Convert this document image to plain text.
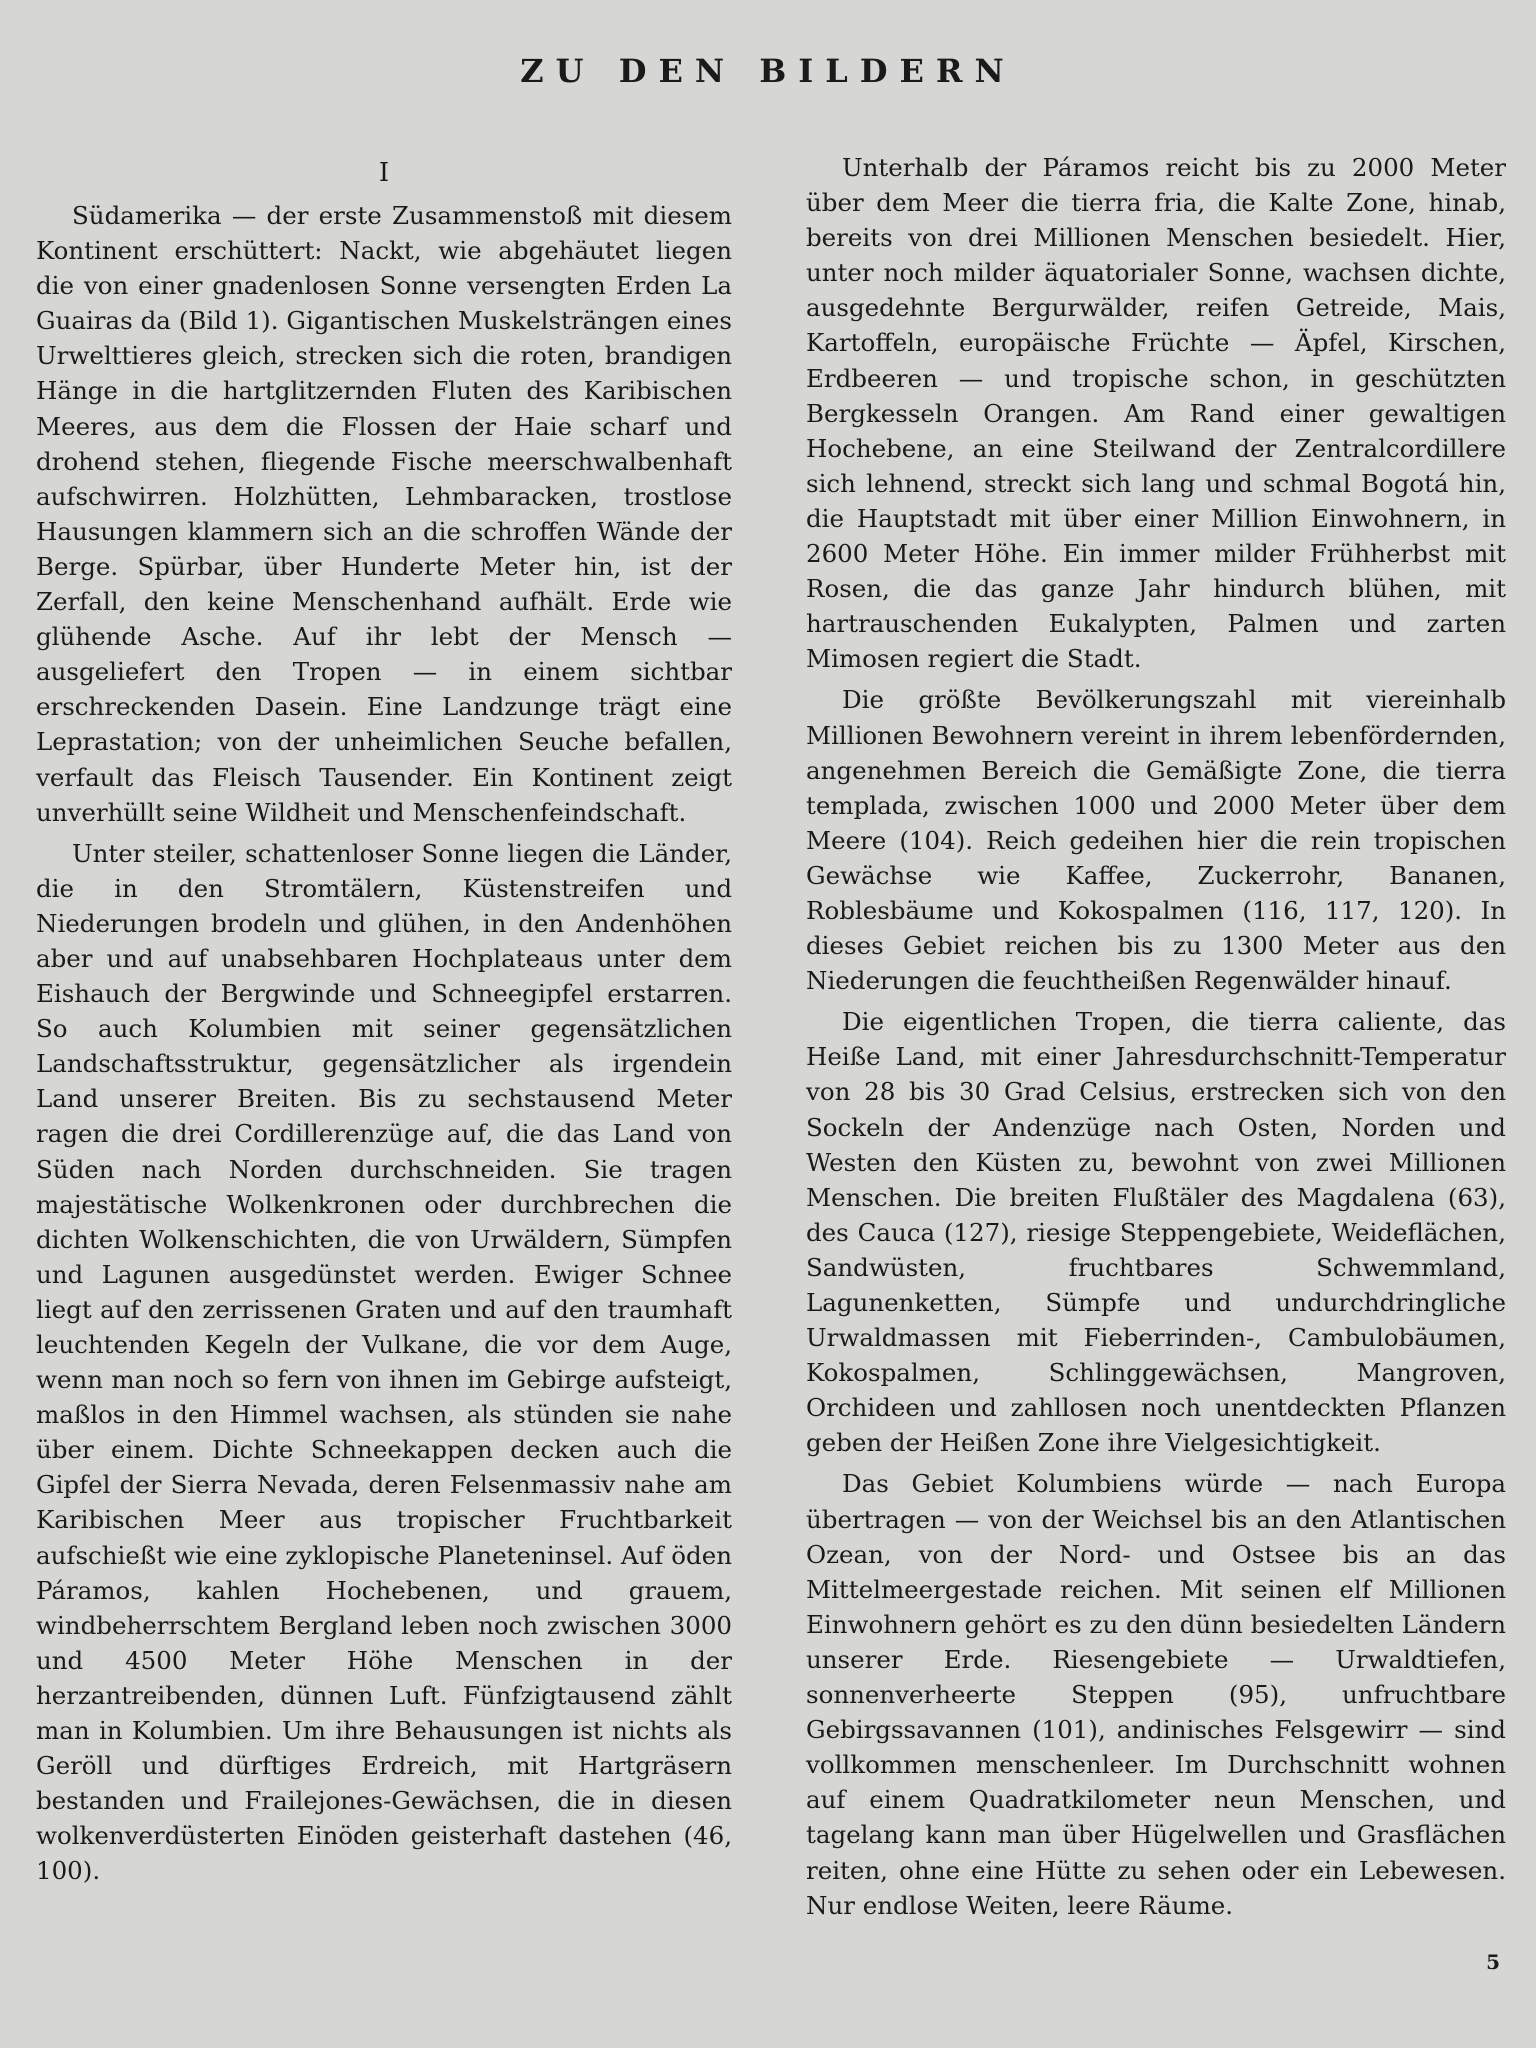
ZU DEN BILDERN
I

Südamerika — der erste Zusammenstoß mit diesem Kontinent erschüttert: Nackt, wie abgehäutet liegen die von einer gnadenlosen Sonne versengten Erden La Guairas da (Bild 1). Gigantischen Muskelsträngen eines Urwelttieres gleich, strecken sich die roten, brandigen Hänge in die hartglitzernden Fluten des Karibischen Meeres, aus dem die Flossen der Haie scharf und drohend stehen, fliegende Fische meerschwalbenhaft aufschwirren. Holzhütten, Lehmbaracken, trostlose Hausungen klammern sich an die schroffen Wände der Berge. Spürbar, über Hunderte Meter hin, ist der Zerfall, den keine Menschenhand aufhält. Erde wie glühende Asche. Auf ihr lebt der Mensch — ausgeliefert den Tropen — in einem sichtbar erschreckenden Dasein. Eine Landzunge trägt eine Leprastation; von der unheimlichen Seuche befallen, verfault das Fleisch Tausender. Ein Kontinent zeigt unverhüllt seine Wildheit und Menschenfeindschaft.

Unter steiler, schattenloser Sonne liegen die Länder, die in den Stromtälern, Küstenstreifen und Niederungen brodeln und glühen, in den Andenhöhen aber und auf unabsehbaren Hochplateaus unter dem Eishauch der Bergwinde und Schneegipfel erstarren. So auch Kolumbien mit seiner gegensätzlichen Landschaftsstruktur, gegensätzlicher als irgendein Land unserer Breiten. Bis zu sechstausend Meter ragen die drei Cordillerenzüge auf, die das Land von Süden nach Norden durchschneiden. Sie tragen majestätische Wolkenkronen oder durchbrechen die dichten Wolkenschichten, die von Urwäldern, Sümpfen und Lagunen ausgedünstet werden. Ewiger Schnee liegt auf den zerrissenen Graten und auf den traumhaft leuchtenden Kegeln der Vulkane, die vor dem Auge, wenn man noch so fern von ihnen im Gebirge aufsteigt, maßlos in den Himmel wachsen, als stünden sie nahe über einem. Dichte Schneekappen decken auch die Gipfel der Sierra Nevada, deren Felsenmassiv nahe am Karibischen Meer aus tropischer Fruchtbarkeit aufschießt wie eine zyklopische Planeteninsel. Auf öden Páramos, kahlen Hochebenen, und grauem, windbeherrschtem Bergland leben noch zwischen 3000 und 4500 Meter Höhe Menschen in der herzantreibenden, dünnen Luft. Fünfzigtausend zählt man in Kolumbien. Um ihre Behausungen ist nichts als Geröll und dürftiges Erdreich, mit Hartgräsern bestanden und Frailejones-Gewächsen, die in diesen wolkenverdüsterten Einöden geisterhaft dastehen (46, 100).

Unterhalb der Páramos reicht bis zu 2000 Meter über dem Meer die tierra fria, die Kalte Zone, hinab, bereits von drei Millionen Menschen besiedelt. Hier, unter noch milder äquatorialer Sonne, wachsen dichte, ausgedehnte Bergurwälder, reifen Getreide, Mais, Kartoffeln, europäische Früchte — Äpfel, Kirschen, Erdbeeren — und tropische schon, in geschützten Bergkesseln Orangen. Am Rand einer gewaltigen Hochebene, an eine Steilwand der Zentralcordillere sich lehnend, streckt sich lang und schmal Bogotá hin, die Hauptstadt mit über einer Million Einwohnern, in 2600 Meter Höhe. Ein immer milder Frühherbst mit Rosen, die das ganze Jahr hindurch blühen, mit hartrauschenden Eukalypten, Palmen und zarten Mimosen regiert die Stadt.

Die größte Bevölkerungszahl mit viereinhalb Millionen Bewohnern vereint in ihrem lebenfördernden, angenehmen Bereich die Gemäßigte Zone, die tierra templada, zwischen 1000 und 2000 Meter über dem Meere (104). Reich gedeihen hier die rein tropischen Gewächse wie Kaffee, Zuckerrohr, Bananen, Roblesbäume und Kokospalmen (116, 117, 120). In dieses Gebiet reichen bis zu 1300 Meter aus den Niederungen die feuchtheißen Regenwälder hinauf.

Die eigentlichen Tropen, die tierra caliente, das Heiße Land, mit einer Jahresdurchschnitt-Temperatur von 28 bis 30 Grad Celsius, erstrecken sich von den Sockeln der Andenzüge nach Osten, Norden und Westen den Küsten zu, bewohnt von zwei Millionen Menschen. Die breiten Flußtäler des Magdalena (63), des Cauca (127), riesige Steppengebiete, Weideflächen, Sandwüsten, fruchtbares Schwemmland, Lagunenketten, Sümpfe und undurchdringliche Urwaldmassen mit Fieberrinden-, Cambulobäumen, Kokospalmen, Schlinggewächsen, Mangroven, Orchideen und zahllosen noch unentdeckten Pflanzen geben der Heißen Zone ihre Vielgesichtigkeit.

Das Gebiet Kolumbiens würde — nach Europa übertragen — von der Weichsel bis an den Atlantischen Ozean, von der Nord- und Ostsee bis an das Mittelmeergestade reichen. Mit seinen elf Millionen Einwohnern gehört es zu den dünn besiedelten Ländern unserer Erde. Riesengebiete — Urwaldtiefen, sonnenverheerte Steppen (95), unfruchtbare Gebirgssavannen (101), andinisches Felsgewirr — sind vollkommen menschenleer. Im Durchschnitt wohnen auf einem Quadratkilometer neun Menschen, und tagelang kann man über Hügelwellen und Grasflächen reiten, ohne eine Hütte zu sehen oder ein Lebewesen. Nur endlose Weiten, leere Räume.

5
